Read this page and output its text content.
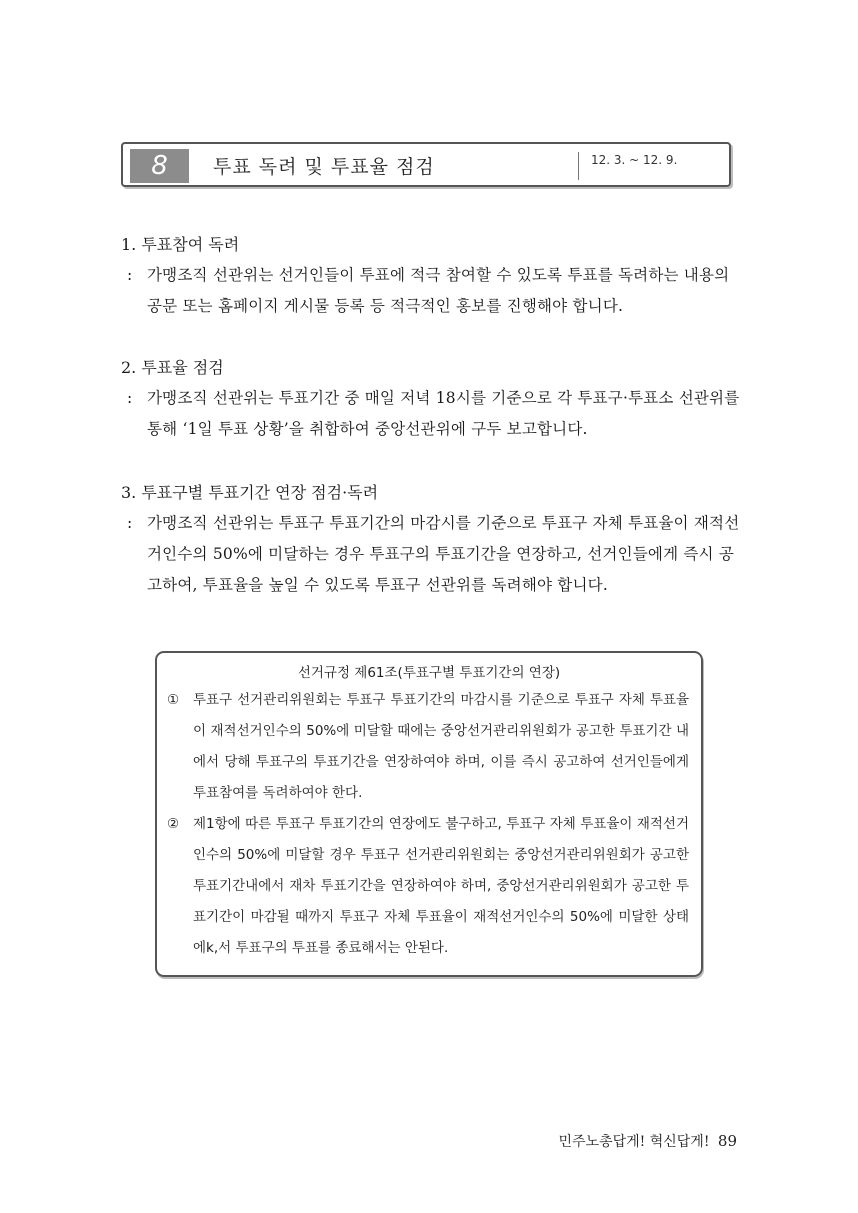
8	투표 독려 및 투표율 점검	12. 3. ~ 12. 9.

1. 투표참여 독려

: 가맹조직 선관위는 선거인들이 투표에 적극 참여할 수 있도록 투표를 독려하는 내용의 공문 또는 홈페이지 게시물 등록 등 적극적인 홍보를 진행해야 합니다.

2. 투표율 점검

: 가맹조직 선관위는 투표기간 중 매일 저녁 18시를 기준으로 각 투표구·투표소 선관위를 통해 ‘1일 투표 상황’을 취합하여 중앙선관위에 구두 보고합니다.

3. 투표구별 투표기간 연장 점검·독려

: 가맹조직 선관위는 투표구 투표기간의 마감시를 기준으로 투표구 자체 투표율이 재적선거인수의 50%에 미달하는 경우 투표구의 투표기간을 연장하고, 선거인들에게 즉시 공고하여, 투표율을 높일 수 있도록 투표구 선관위를 독려해야 합니다.

선거규정 제61조(투표구별 투표기간의 연장)
① 투표구 선거관리위원회는 투표구 투표기간의 마감시를 기준으로 투표구 자체 투표율이 재적선거인수의 50%에 미달할 때에는 중앙선거관리위원회가 공고한 투표기간 내에서 당해 투표구의 투표기간을 연장하여야 하며, 이를 즉시 공고하여 선거인들에게 투표참여를 독려하여야 한다.
② 제1항에 따른 투표구 투표기간의 연장에도 불구하고, 투표구 자체 투표율이 재적선거인수의 50%에 미달할 경우 투표구 선거관리위원회는 중앙선거관리위원회가 공고한 투표기간내에서 재차 투표기간을 연장하여야 하며, 중앙선거관리위원회가 공고한 투표기간이 마감될 때까지 투표구 자체 투표율이 재적선거인수의 50%에 미달한 상태에k,서 투표구의 투표를 종료해서는 안된다.
민주노총답게! 혁신답게! 89
